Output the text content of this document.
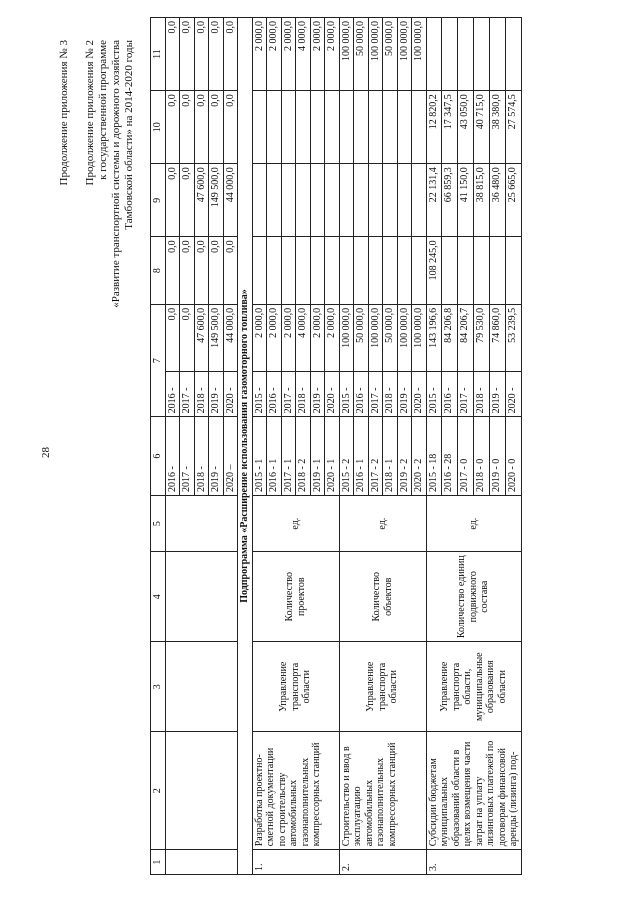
28
Продолжение приложения № 3 Продолжение приложения № 2 к государственной программе «Развитие транспортной системы и дорожного хозяйства Тамбовской области» на 2014-2020 годы
1	2	3	4	5	6	7		8	9	10	11
					2016 -	2016 -	0,0	0,0	0,0	0,0	0,0
					2017 -	2017 -	0,0	0,0	0,0	0,0	0,0
					2018 -	2018 -	47 600,0	0,0	47 600,0	0,0	0,0
					2019 -	2019 -	149 500,0	0,0	149 500,0	0,0	0,0
					2020 –	2020 -	44 000,0	0,0	44 000,0	0,0	0,0
Подпрограмма «Расширение использования газомоторного топлива»											
1.	Разработка проектно-сметной документации по строительству автомобильных газонаполнительных компрессорных станций	Управление транспорта области	Количество проектов	ед.	2015 - 1	2015 -	2 000,0				2 000,0
					2016 - 1	2016 -	2 000,0				2 000,0
					2017 - 1	2017 -	2 000,0				2 000,0
					2018 - 2	2018 -	4 000,0				4 000,0
					2019 - 1	2019 -	2 000,0				2 000,0
					2020 - 1	2020 -	2 000,0				2 000,0
2.	Строительство и ввод в эксплуатацию автомобильных газонаполнительных компрессорных станций	Управление транспорта области	Количество объектов	ед.	2015 - 2	2015 -	100 000,0				100 000,0
					2016 - 1	2016 -	50 000,0				50 000,0
					2017 - 2	2017 -	100 000,0				100 000,0
					2018 - 1	2018 -	50 000,0				50 000,0
					2019 - 2	2019 -	100 000,0				100 000,0
					2020 - 2	2020 -	100 000,0				100 000,0
3.	Субсидии бюджетам муниципальных образований области в целях возмещения части затрат на уплату лизинговых платежей по договорам финансовой аренды (лизинга) под-	Управление транспорта области, муниципальные образования области	Количество единиц подвижного состава	ед.	2015 - 18	2015 -	143 196,6	108 245,0	22 131,4	12 820,2	
					2016 - 28	2016 -	84 206,8		66 859,3	17 347,5	
					2017 - 0	2017 -	84 206,7		41 150,0	43 050,0	
					2018 - 0	2018 -	79 530,0		38 815,0	40 715,0	
					2019 - 0	2019 -	74 860,0		36 480,0	38 380,0	
					2020 - 0	2020 -	53 239,5		25 665,0	27 574,5	
